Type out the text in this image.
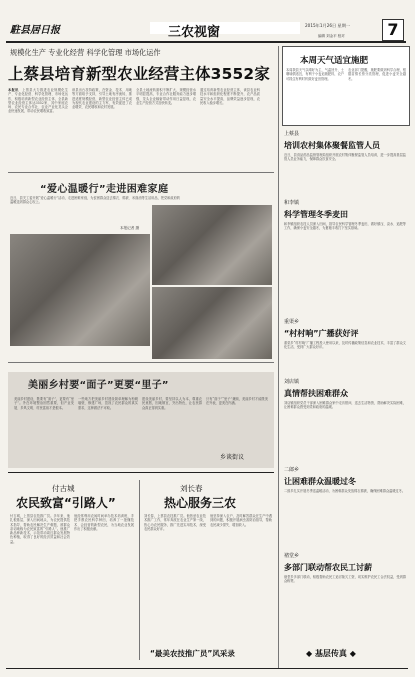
駐县居日报	三农视窗	2015年1月26日 星期一
编辑 刘金平 校对	7
规模化生产 专业化经营 科学化管理 市场化运作
上蔡县培育新型农业经营主体3552家
本报讯　上蔡县大力推进农业规模化生产、专业化经营、科学化管理、市场化运作，积极培育新型农业经营主体，全县新型农业经营主体达3552家，其中家庭农场、农民专业合作社、农业产业化龙头企业快速发展，带动农民增收致富。
该县出台扶持政策，在资金、技术、用地等方面给予支持，引导土地有序流转，推进适度规模经营，新型农业经营主体已成为现代农业建设的主力军，有效促进了农业增效、农民增收和农村发展。
全县土地流转面积不断扩大，规模经营水平明显提高，专业合作社服务能力逐步增强，龙头企业辐射带动作用日益显现，农业生产经营方式加快转变。
通过培育新型农业经营主体，该县农业科技水平和组织化程度不断提升，农产品质量安全水平提高，品牌效益逐步显现，农民收入稳步增长。
“爱心温暖行”走进困难家庭
近日，县关工委开展“爱心温暖行”活动，走进困难家庭，为贫困群众送去棉衣、棉被、米面油等生活用品，把党和政府的温暖送到群众心坎上。
本报记者 摄
美丽乡村要“面子”更要“里子”
美丽乡村建设，既要有“面子”，更要有“里子”。外在环境整治固然重要，但产业发展、乡风文明、村民富裕才是根本。
一些地方把美丽乡村建设简单理解为粉刷墙壁、修建广场，忽视了农民群众的真实需求，这种做法不可取。
建设美丽乡村，要坚持以人为本，尊重农民意愿，因地制宜，突出特色，让农民群众真正得到实惠。
只有“面子”“里子”兼顾，美丽乡村才能既美在外表，更美在内涵。
乡谈街议
付古城
农民致富“引路人”
付古城，上蔡县农技推广员。多年来，他扎根基层，深入田间地头，为农民提供技术指导，帮助农民解决生产难题，被群众亲切地称为农民致富的“引路人”。他推广新品种新技术，示范带动周边群众发展特色种植，取得了良好的经济效益和社会效益。
他经常利用农闲时间举办技术培训班，手把手教农民科学种田，培养了一批懂技术、会经营的新型农民，为当地农业发展作出了积极贡献。
刘长春
热心服务三农
刘长春，上蔡县农技推广员。他热爱农业技术推广工作，常年奔波在农业生产第一线，热心为农民服务，推广先进实用技术，深受农民群众好评。
他坚持深入农户，及时解答群众在生产中遇到的问题，积极开展病虫害防治指导，帮助农民减少损失、增加收入。
“最美农技推广员”风采录
本周天气适宜施肥
本周我县天气以晴好为主，气温回升，土壤墒情适宜，有利于小麦追施肥料，农户可抓住有利时机做好麦田管理。
农业部门提醒，施肥要做到科学合理，根据苗情长势分类管理，促进小麦安全越冬。
上蔡县
培训农村集体聚餐监管人员
近日，县食品药品监督管理局组织开展农村集体聚餐监管人员培训，进一步提高基层监管人员业务能力，保障群众饮食安全。
和李镇
科学管理冬季麦田
和李镇组织农技人员深入田间，指导农民科学管理冬季麦田，做好镇压、浇水、追肥等工作，确保小麦安全越冬，为夏粮丰收打下坚实基础。
重渠乡
“村村响”广播获好评
重渠乡“村村响”广播工程投入使用以来，及时传播政策信息和农业技术，丰富了群众文化生活，受到广大群众好评。
刘店镇
真情帮扶困难群众
刘店镇组织党员干部深入困难群众家中走访慰问，送去生活物资，帮助解决实际困难，让困难群众感受到党和政府的温暖。
二郎乡
让困难群众温暖过冬
二郎乡扎实开展冬季送温暖活动，为困难群众发放棉衣棉被，确保困难群众温暖过冬。
褚堂乡
多部门联动帮农民工讨薪
褚堂乡多部门联动，积极帮助农民工追讨拖欠工资，切实维护农民工合法权益，受到群众称赞。
◆ 基层传真 ◆
